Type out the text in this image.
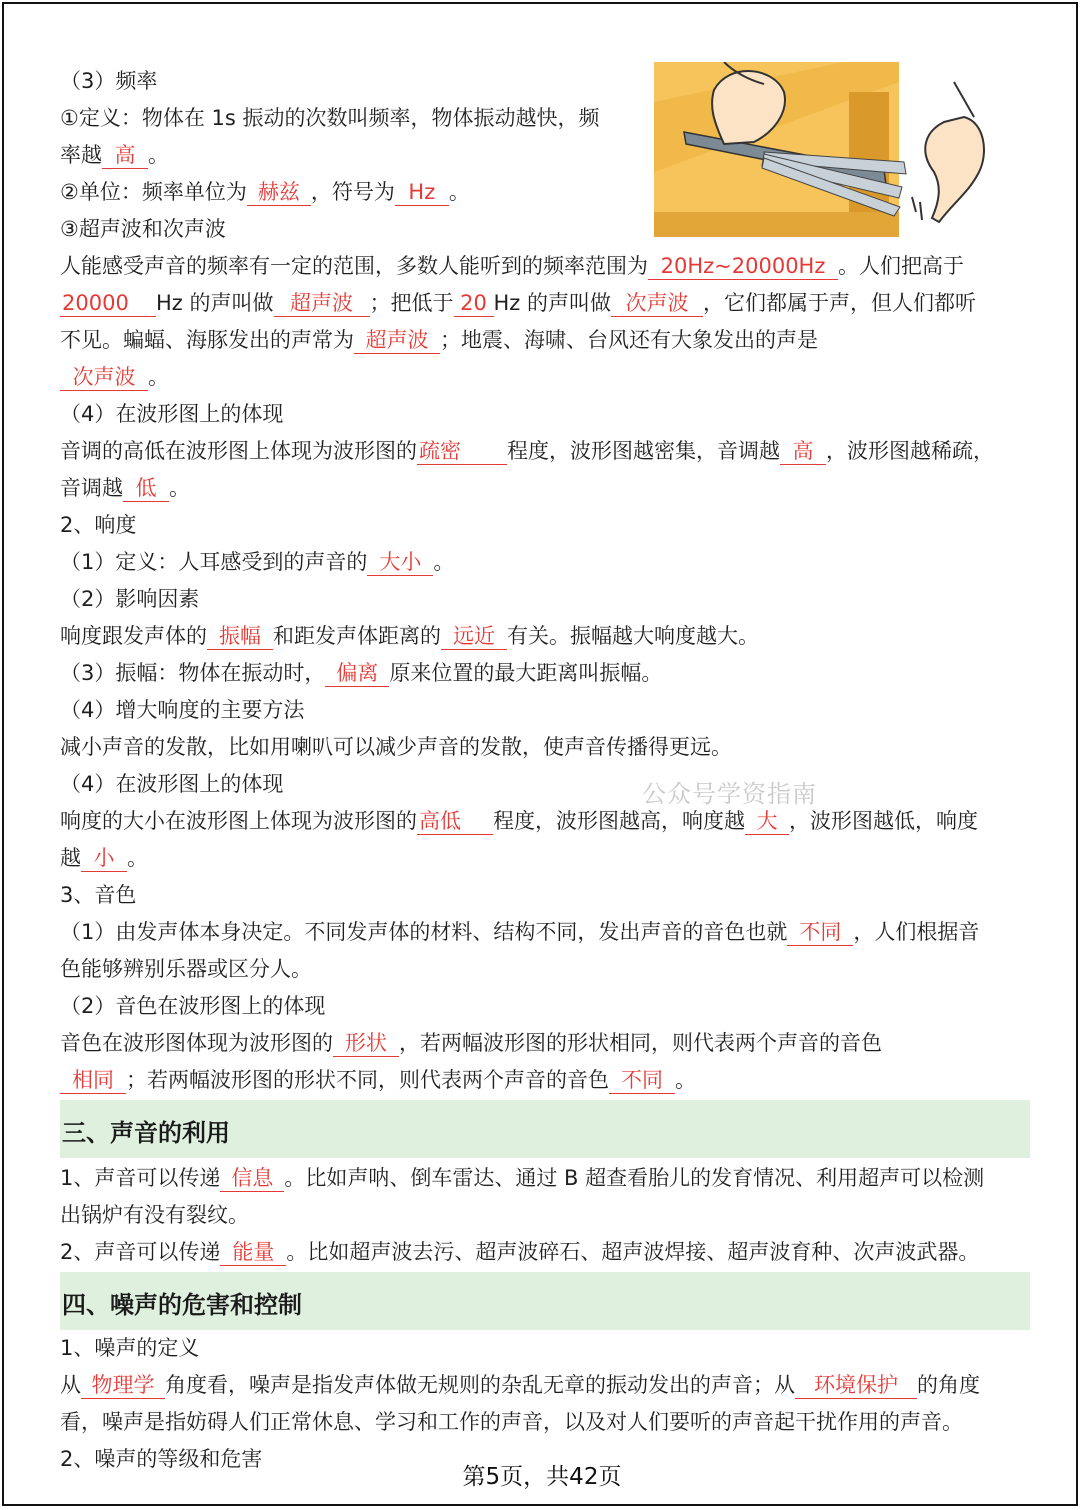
（3）频率
①定义：物体在 1s 振动的次数叫频率，物体振动越快，频
率越 高 。
②单位：频率单位为 赫兹 ，符号为 Hz 。
③超声波和次声波
人能感受声音的频率有一定的范围，多数人能听到的频率范围为 20Hz~20000Hz 。人们把高于
20000 Hz 的声叫做 超声波 ；把低于 20 Hz 的声叫做 次声波 ，它们都属于声，但人们都听
不见。蝙蝠、海豚发出的声常为 超声波 ；地震、海啸、台风还有大象发出的声是
次声波 。
（4）在波形图上的体现
音调的高低在波形图上体现为波形图的疏密 程度，波形图越密集，音调越 高 ，波形图越稀疏，
音调越 低 。
2、响度
（1）定义：人耳感受到的声音的 大小 。
（2）影响因素
响度跟发声体的 振幅 和距发声体距离的 远近 有关。振幅越大响度越大。
（3）振幅：物体在振动时， 偏离 原来位置的最大距离叫振幅。
（4）增大响度的主要方法
减小声音的发散，比如用喇叭可以减少声音的发散，使声音传播得更远。
（4）在波形图上的体现
响度的大小在波形图上体现为波形图的高低 程度，波形图越高，响度越 大 ，波形图越低，响度
越 小 。
3、音色
（1）由发声体本身决定。不同发声体的材料、结构不同，发出声音的音色也就 不同 ，人们根据音
色能够辨别乐器或区分人。
（2）音色在波形图上的体现
音色在波形图体现为波形图的 形状 ，若两幅波形图的形状相同，则代表两个声音的音色
相同 ；若两幅波形图的形状不同，则代表两个声音的音色 不同 。
三、声音的利用
1、声音可以传递 信息 。比如声呐、倒车雷达、通过 B 超查看胎儿的发育情况、利用超声可以检测
出锅炉有没有裂纹。
2、声音可以传递 能量 。比如超声波去污、超声波碎石、超声波焊接、超声波育种、次声波武器。
四、噪声的危害和控制
1、噪声的定义
从 物理学 角度看，噪声是指发声体做无规则的杂乱无章的振动发出的声音；从 环境保护 的角度
看，噪声是指妨碍人们正常休息、学习和工作的声音，以及对人们要听的声音起干扰作用的声音。
2、噪声的等级和危害
公众号学资指南
第5页，共42页
